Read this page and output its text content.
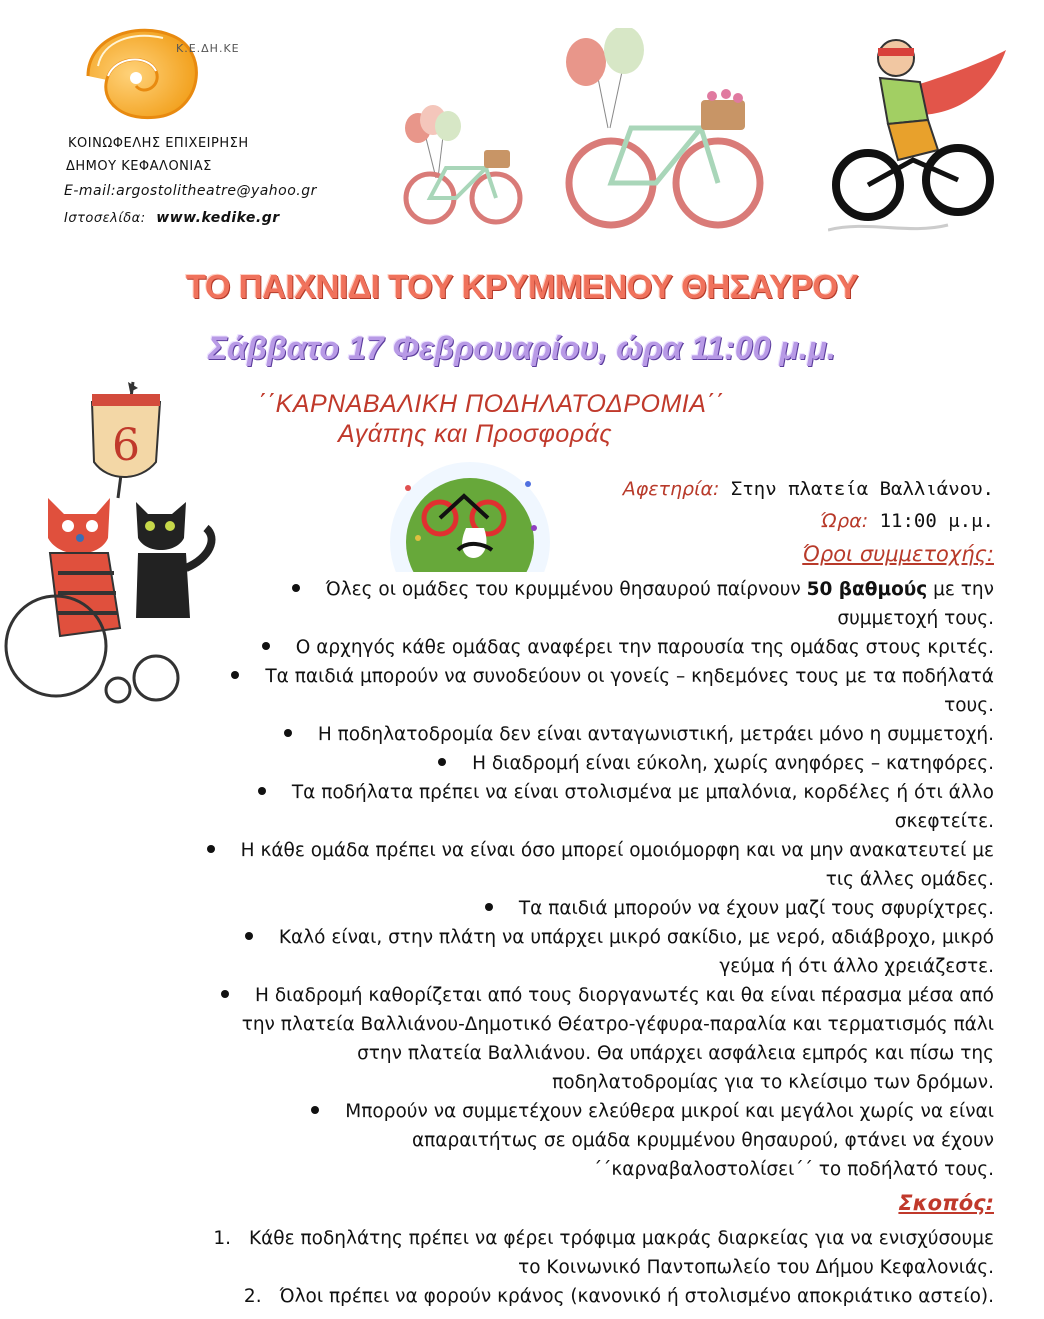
Κ.Ε.ΔΗ.ΚΕ
ΚΟΙΝΩΦΕΛΗΣ ΕΠΙΧΕΙΡΗΣΗ
ΔΗΜΟΥ ΚΕΦΑΛΟΝΙΑΣ
E-mail:argostolitheatre@yahoo.gr
Ιστοσελίδα: www.kedike.gr
ΤΟ ΠΑΙΧΝΙΔΙ ΤΟΥ ΚΡΥΜΜΕΝΟΥ ΘΗΣΑΥΡΟΥ
Σάββατο 17 Φεβρουαρίου, ώρα 11:00 μ.μ.
΄΄ΚΑΡΝΑΒΑΛΙΚΗ ΠΟΔΗΛΑΤΟΔΡΟΜΙΑ΄΄
Αγάπης και Προσφοράς
6
Αφετηρία: Στην πλατεία Βαλλιάνου.
Ώρα: 11:00 μ.μ.
Όροι συμμετοχής:
Όλες οι ομάδες του κρυμμένου θησαυρού παίρνουν 50 βαθμούς με την
συμμετοχή τους.
Ο αρχηγός κάθε ομάδας αναφέρει την παρουσία της ομάδας στους κριτές.
Τα παιδιά μπορούν να συνοδεύουν οι γονείς – κηδεμόνες τους με τα ποδήλατά
τους.
Η ποδηλατοδρομία δεν είναι ανταγωνιστική, μετράει μόνο η συμμετοχή.
Η διαδρομή είναι εύκολη, χωρίς ανηφόρες – κατηφόρες.
Τα ποδήλατα πρέπει να είναι στολισμένα με μπαλόνια, κορδέλες ή ότι άλλο
σκεφτείτε.
Η κάθε ομάδα πρέπει να είναι όσο μπορεί ομοιόμορφη και να μην ανακατευτεί με
τις άλλες ομάδες.
Τα παιδιά μπορούν να έχουν μαζί τους σφυρίχτρες.
Καλό είναι, στην πλάτη να υπάρχει μικρό σακίδιο, με νερό, αδιάβροχο, μικρό
γεύμα ή ότι άλλο χρειάζεστε.
Η διαδρομή καθορίζεται από τους διοργανωτές και θα είναι πέρασμα μέσα από
την πλατεία Βαλλιάνου-Δημοτικό Θέατρο-γέφυρα-παραλία και τερματισμός πάλι
στην πλατεία Βαλλιάνου. Θα υπάρχει ασφάλεια εμπρός και πίσω της
ποδηλατοδρομίας για το κλείσιμο των δρόμων.
Μπορούν να συμμετέχουν ελεύθερα μικροί και μεγάλοι χωρίς να είναι
απαραιτήτως σε ομάδα κρυμμένου θησαυρού, φτάνει να έχουν
΄΄καρναβαλοστολίσει΄΄ το ποδήλατό τους.
Σκοπός:
1. Κάθε ποδηλάτης πρέπει να φέρει τρόφιμα μακράς διαρκείας για να ενισχύσουμε
το Κοινωνικό Παντοπωλείο του Δήμου Κεφαλονιάς.
2. Όλοι πρέπει να φορούν κράνος (κανονικό ή στολισμένο αποκριάτικο αστείο).
